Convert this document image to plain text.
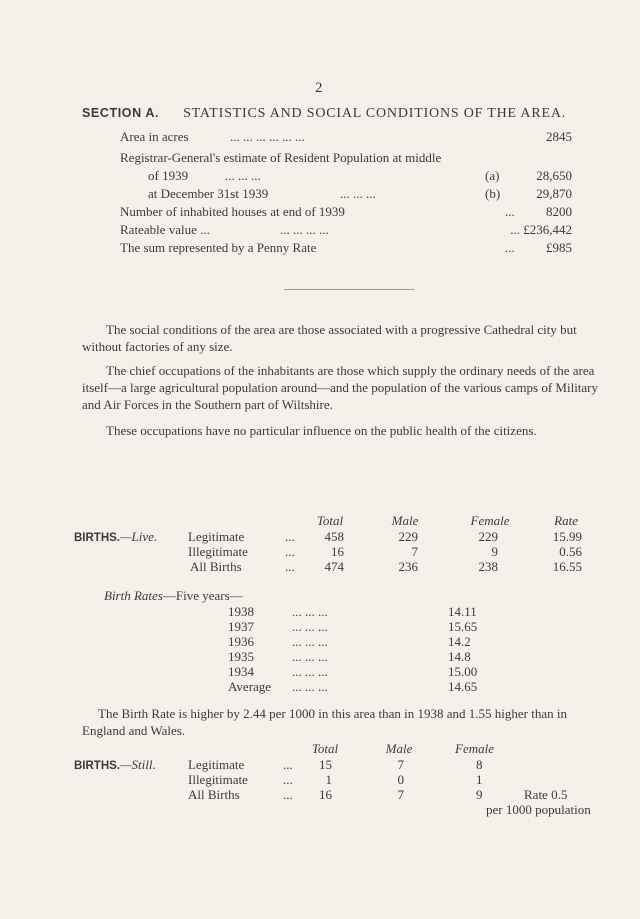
2
SECTION A. STATISTICS AND SOCIAL CONDITIONS OF THE AREA.
Area in acres	... ... ... ... ... ...	2845
Registrar-General's estimate of Resident Population at middle
of 1939	... ... ...	(a)	28,650
at December 31st 1939	... ... ...	(b)	29,870
Number of inhabited houses at end of 1939	... 8200
Rateable value ...	... ... ... ...	... £236,442
The sum represented by a Penny Rate	... £985
The social conditions of the area are those associated with a progressive Cathedral city but without factories of any size.
The chief occupations of the inhabitants are those which supply the ordinary needs of the area itself—a large agricultural population around—and the population of the various camps of Military and Air Forces in the Southern part of Wiltshire.
These occupations have no particular influence on the public health of the citizens.
Total	Male	Female	Rate
BIRTHS.—Live. Legitimate	...	458	229	229	15.99
Illegitimate	...	16	7	9	0.56
All Births	...	474	236	238	16.55
Birth Rates—Five years—
1938	... ... ...	14.11
1937	... ... ...	15.65
1936	... ... ...	14.2
1935	... ... ...	14.8
1934	... ... ...	15.00
Average ... ... ...	14.65
The Birth Rate is higher by 2.44 per 1000 in this area than in 1938 and 1.55 higher than in England and Wales.
Total	Male	Female
BIRTHS.—Still. Legitimate	...	15	7	8
Illegitimate	...	1	0	1
All Births	...	16	7	9	Rate 0.5
per 1000 population
